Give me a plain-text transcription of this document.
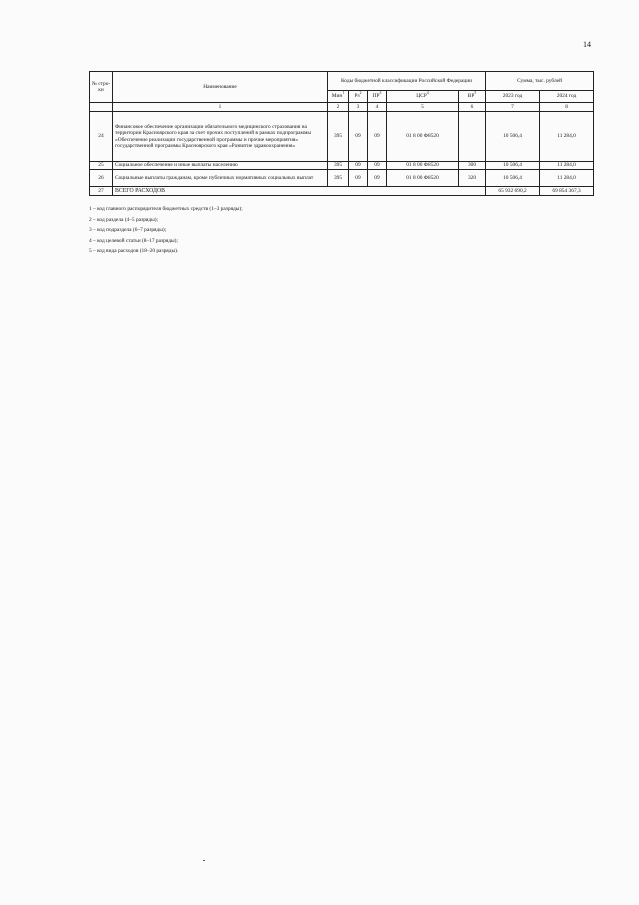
14
№ стро-ки	Наименование	Коды бюджетной классификации Российской Федерации					Сумма, тыс. рублей	
		Мин$^1$	$Рз^2$	$ПР^3$	ЦСР$^4$	$ВР^5$	2023 год	2024 год
	1	2	3	4	5	6	7	8
24	Финансовое обеспечение организации обязательного медицинского страхования на территории Красноярского края за счет прочих поступлений в рамках подпрограммы «Обеспечение реализации государственной программы и прочие мероприятия» государственной программы Красноярского края «Развитие здравоохранения»	395	09	09	01 8 00 Ф8520		10 506,4	11 284,0
25	Социальное обеспечение и иные выплаты населению	395	09	09	01 8 00 Ф8520	300	10 506,4	11 284,0
26	Социальные выплаты гражданам, кроме публичных нормативных социальных выплат	395	09	09	01 8 00 Ф8520	320	10 506,4	11 284,0
27	ВСЕГО РАСХОДОВ						65 932 690,2	69 854 367,3
1 – код главного распорядителя бюджетных средств (1–3 разряды);
2 – код раздела (4–5 разряды);
3 – код подраздела (6–7 разряды);
4 – код целевой статьи (8–17 разряды);
5 – код вида расходов (18–20 разряды).
